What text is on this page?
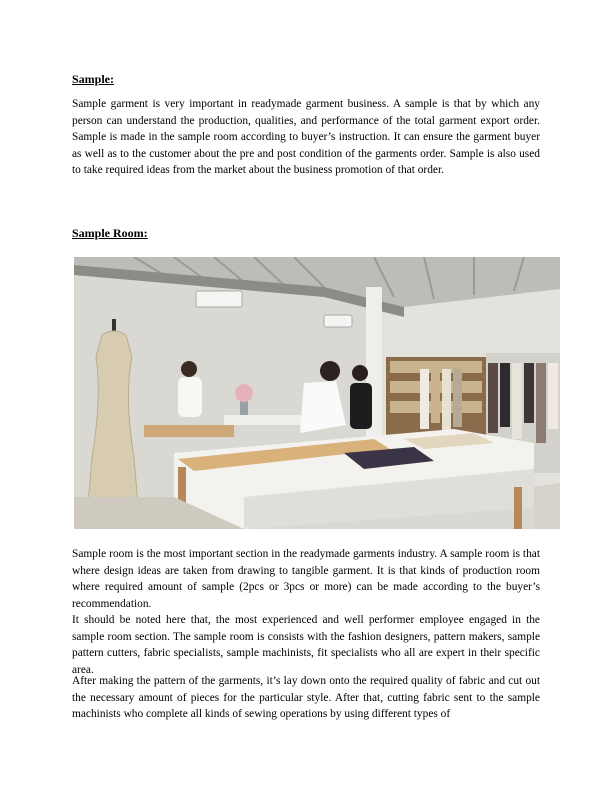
Sample:

Sample garment is very important in readymade garment business. A sample is that by which any person can understand the production, qualities, and performance of the total garment export order. Sample is made in the sample room according to buyer’s instruction. It can ensure the garment buyer as well as to the customer about the pre and post condition of the garments order. Sample is also used to take required ideas from the market about the business promotion of that order.

Sample Room:

Sample room is the most important section in the readymade garments industry. A sample room is that where design ideas are taken from drawing to tangible garment. It is that kinds of production room where required amount of sample (2pcs or 3pcs or more) can be made according to the buyer’s recommendation.

It should be noted here that, the most experienced and well performer employee engaged in the sample room section. The sample room is consists with the fashion designers, pattern makers, sample pattern cutters, fabric specialists, sample machinists, fit specialists who all are expert in their specific area.

After making the pattern of the garments, it’s lay down onto the required quality of fabric and cut out the necessary amount of pieces for the particular style. After that, cutting fabric sent to the sample machinists who complete all kinds of sewing operations by using different types of
